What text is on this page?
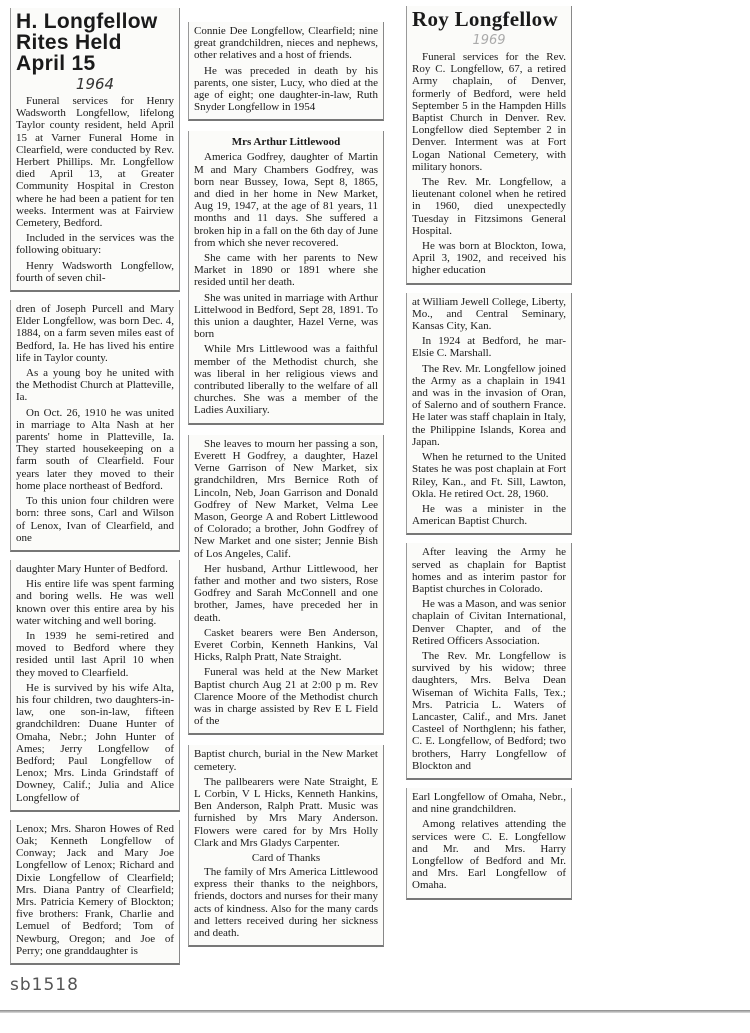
H. Longfellow Rites Held April 15
1964

Funeral services for Henry Wadsworth Longfellow, lifelong Taylor county resident, held April 15 at Varner Funeral Home in Clearfield, were conducted by Rev. Herbert Phillips. Mr. Longfellow died April 13, at Greater Community Hospital in Creston where he had been a patient for ten weeks. Interment was at Fairview Cemetery, Bedford.

Included in the services was the following obituary:

Henry Wadsworth Longfellow, fourth of seven chil-

dren of Joseph Purcell and Mary Elder Longfellow, was born Dec. 4, 1884, on a farm seven miles east of Bedford, Ia. He has lived his entire life in Taylor county.

As a young boy he united with the Methodist Church at Platteville, Ia.

On Oct. 26, 1910 he was united in marriage to Alta Nash at her parents' home in Platteville, Ia. They started housekeeping on a farm south of Clearfield. Four years later they moved to their home place northeast of Bedford.

To this union four children were born: three sons, Carl and Wilson of Lenox, Ivan of Clearfield, and one

daughter Mary Hunter of Bedford.

His entire life was spent farming and boring wells. He was well known over this entire area by his water witching and well boring.

In 1939 he semi-retired and moved to Bedford where they resided until last April 10 when they moved to Clearfield.

He is survived by his wife Alta, his four children, two daughters-in-law, one son-in-law, fifteen grandchildren: Duane Hunter of Omaha, Nebr.; John Hunter of Ames; Jerry Longfellow of Bedford; Paul Longfellow of Lenox; Mrs. Linda Grindstaff of Downey, Calif.; Julia and Alice Longfellow of

Lenox; Mrs. Sharon Howes of Red Oak; Kenneth Longfellow of Conway; Jack and Mary Joe Longfellow of Lenox; Richard and Dixie Longfellow of Clearfield; Mrs. Diana Pantry of Clearfield; Mrs. Patricia Kemery of Blockton; five brothers: Frank, Charlie and Lemuel of Bedford; Tom of Newburg, Oregon; and Joe of Perry; one granddaughter is

sb1518

Connie Dee Longfellow, Clearfield; nine great grandchildren, nieces and nephews, other relatives and a host of friends.

He was preceded in death by his parents, one sister, Lucy, who died at the age of eight; one daughter-in-law, Ruth Snyder Longfellow in 1954

Mrs Arthur Littlewood

America Godfrey, daughter of Martin M and Mary Chambers Godfrey, was born near Bussey, Iowa, Sept 8, 1865, and died in her home in New Market, Aug 19, 1947, at the age of 81 years, 11 months and 11 days. She suffered a broken hip in a fall on the 6th day of June from which she never recovered.

She came with her parents to New Market in 1890 or 1891 where she resided until her death.

She was united in marriage with Arthur Littelwood in Bedford, Sept 28, 1891. To this union a daughter, Hazel Verne, was born

While Mrs Littlewood was a faithful member of the Methodist church, she was liberal in her religious views and contributed liberally to the welfare of all churches. She was a member of the Ladies Auxiliary.

She leaves to mourn her passing a son, Everett H Godfrey, a daughter, Hazel Verne Garrison of New Market, six grandchildren, Mrs Bernice Roth of Lincoln, Neb, Joan Garrison and Donald Godfrey of New Market, Velma Lee Mason, George A and Robert Littlewood of Colorado; a brother, John Godfrey of New Market and one sister; Jennie Bish of Los Angeles, Calif.

Her husband, Arthur Littlewood, her father and mother and two sisters, Rose Godfrey and Sarah McConnell and one brother, James, have preceded her in death.

Casket bearers were Ben Anderson, Everet Corbin, Kenneth Hankins, Val Hicks, Ralph Pratt, Nate Straight.

Funeral was held at the New Market Baptist church Aug 21 at 2:00 p m. Rev Clarence Moore of the Methodist church was in charge assisted by Rev E L Field of the

Baptist church, burial in the New Market cemetery.

The pallbearers were Nate Straight, E L Corbin, V L Hicks, Kenneth Hankins, Ben Anderson, Ralph Pratt. Music was furnished by Mrs Mary Anderson. Flowers were cared for by Mrs Holly Clark and Mrs Gladys Carpenter.

Card of Thanks

The family of Mrs America Littlewood express their thanks to the neighbors, friends, doctors and nurses for their many acts of kindness. Also for the many cards and letters received during her sickness and death.

Roy Longfellow
1969

Funeral services for the Rev. Roy C. Longfellow, 67, a retired Army chaplain, of Denver, formerly of Bedford, were held September 5 in the Hampden Hills Baptist Church in Denver. Rev. Longfellow died September 2 in Denver. Interment was at Fort Logan National Cemetery, with military honors.

The Rev. Mr. Longfellow, a lieutenant colonel when he retired in 1960, died unexpectedly Tuesday in Fitzsimons General Hospital.

He was born at Blockton, Iowa, April 3, 1902, and received his higher education

at William Jewell College, Liberty, Mo., and Central Seminary, Kansas City, Kan.

In 1924 at Bedford, he mar- Elsie C. Marshall.

The Rev. Mr. Longfellow joined the Army as a chaplain in 1941 and was in the invasion of Oran, of Salerno and of southern France. He later was staff chaplain in Italy, the Philippine Islands, Korea and Japan.

When he returned to the United States he was post chaplain at Fort Riley, Kan., and Ft. Sill, Lawton, Okla. He retired Oct. 28, 1960.

He was a minister in the American Baptist Church.

After leaving the Army he served as chaplain for Baptist homes and as interim pastor for Baptist churches in Colorado.

He was a Mason, and was senior chaplain of Civitan International, Denver Chapter, and of the Retired Officers Association.

The Rev. Mr. Longfellow is survived by his widow; three daughters, Mrs. Belva Dean Wiseman of Wichita Falls, Tex.; Mrs. Patricia L. Waters of Lancaster, Calif., and Mrs. Janet Casteel of Northglenn; his father, C. E. Longfellow, of Bedford; two brothers, Harry Longfellow of Blockton and

Earl Longfellow of Omaha, Nebr., and nine grandchildren.

Among relatives attending the services were C. E. Longfellow and Mr. and Mrs. Harry Longfellow of Bedford and Mr. and Mrs. Earl Longfellow of Omaha.
